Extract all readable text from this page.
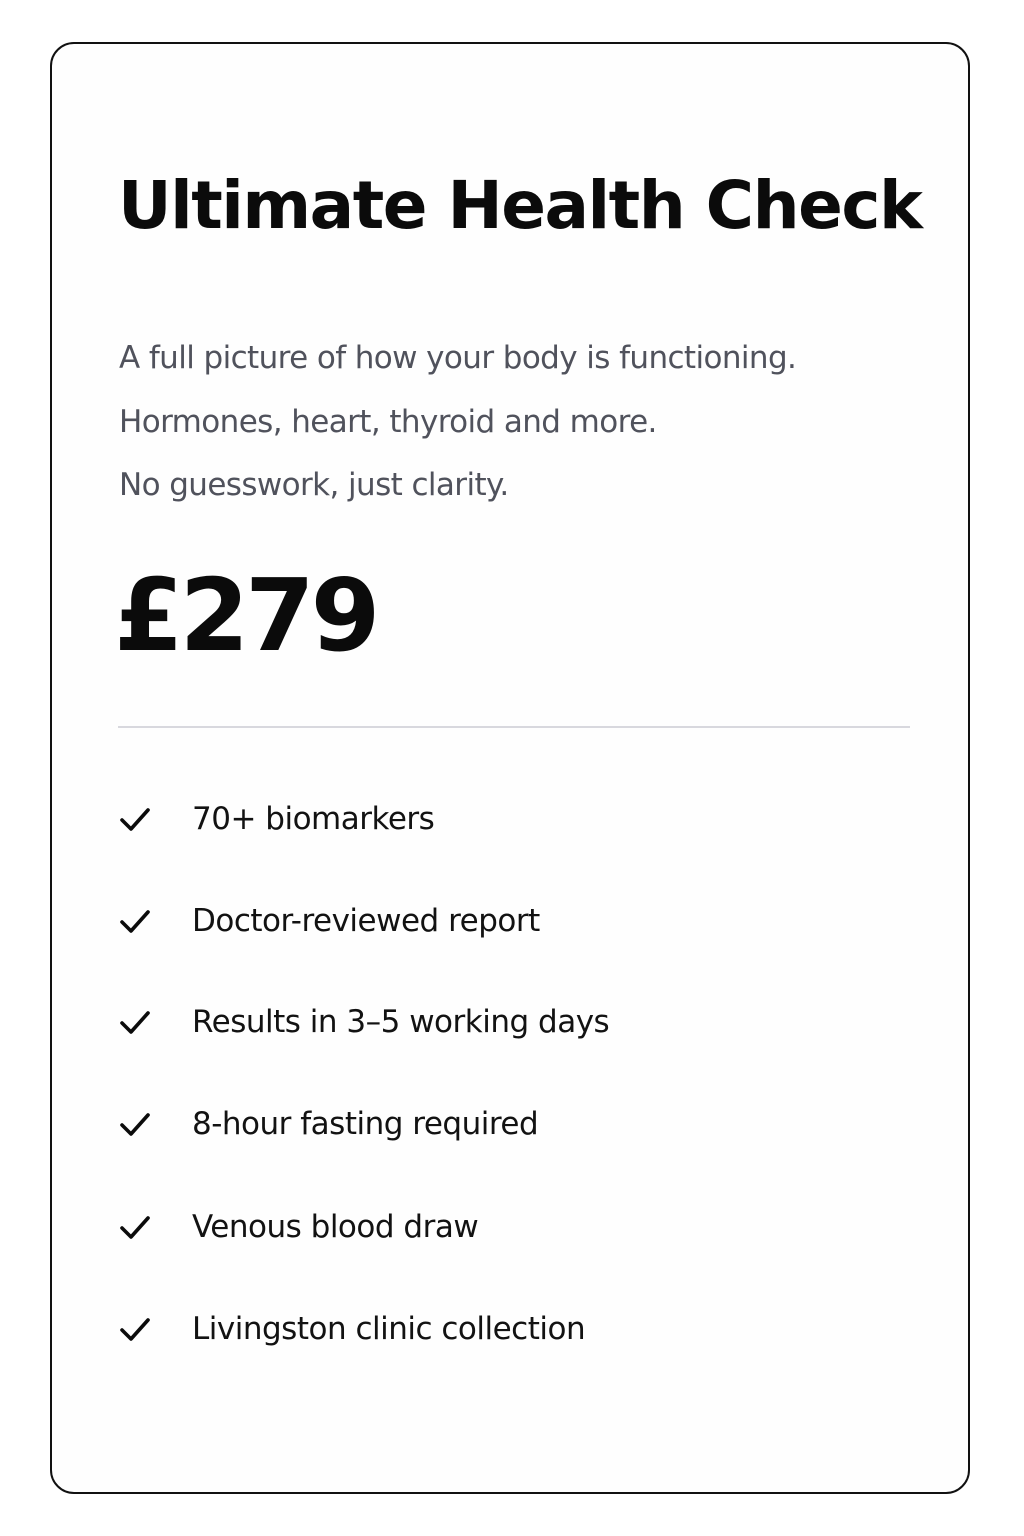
Ultimate Health Check

A full picture of how your body is functioning.

Hormones, heart, thyroid and more.

No guesswork, just clarity.

£279
70+ biomarkers
Doctor-reviewed report
Results in 3–5 working days
8-hour fasting required
Venous blood draw
Livingston clinic collection
